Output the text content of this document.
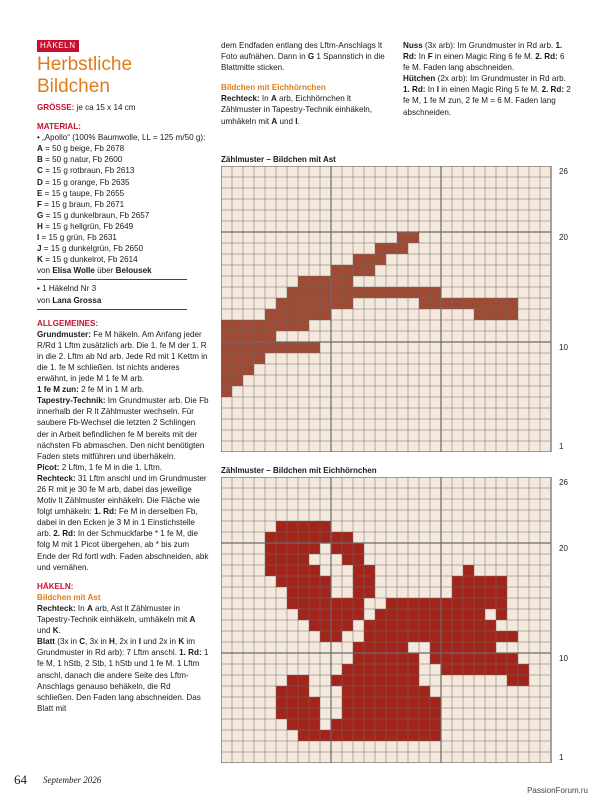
HÄKELN
Herbstliche Bildchen

GRÖSSE: je ca 15 x 14 cm

MATERIAL:

• „Apollo“ (100% Baumwolle, LL = 125 m/50 g):

A = 50 g beige, Fb 2678

B = 50 g natur, Fb 2600

C = 15 g rotbraun, Fb 2613

D = 15 g orange, Fb 2635

E = 15 g taupe, Fb 2655

F = 15 g braun, Fb 2671

G = 15 g dunkelbraun, Fb 2657

H = 15 g hellgrün, Fb 2649

I = 15 g grün, Fb 2631

J = 15 g dunkelgrün, Fb 2650

K = 15 g dunkelrot, Fb 2614

von Elisa Wolle über Belousek

• 1 Häkelnd Nr 3

von Lana Grossa

ALLGEMEINES:

Grundmuster: Fe M häkeln. Am Anfang jeder R/Rd 1 Lftm zusätzlich arb. Die 1. fe M der 1. R in die 2. Lftm ab Nd arb. Jede Rd mit 1 Kettm in die 1. fe M schließen. Ist nichts anderes erwähnt, in jede M 1 fe M arb.

1 fe M zun: 2 fe M in 1 M arb.

Tapestry-Technik: Im Grundmuster arb. Die Fb innerhalb der R lt Zählmuster wechseln. Für saubere Fb-Wechsel die letzten 2 Schlingen der in Arbeit befindlichen fe M bereits mit der nächsten Fb abmaschen. Den nicht benötigten Faden stets mitführen und überhäkeln.

Picot: 2 Lftm, 1 fe M in die 1. Lftm.

Rechteck: 31 Lftm anschl und im Grundmuster 26 R mit je 30 fe M arb, dabei das jeweilige Motiv lt Zählmuster einhäkeln. Die Fläche wie folgt umhäkeln: 1. Rd: Fe M in derselben Fb, dabei in den Ecken je 3 M in 1 Einstichstelle arb. 2. Rd: In der Schmuckfarbe * 1 fe M, die folg M mit 1 Picot übergehen, ab * bis zum Ende der Rd fortl wdh. Faden abschneiden, abk und vernähen.

HÄKELN:
Bildchen mit Ast

Rechteck: In A arb, Ast lt Zählmuster in Tapestry-Technik einhäkeln, umhäkeln mit A und K.

Blatt (3x in C, 3x in H, 2x in I und 2x in K im Grundmuster in Rd arb): 7 Lftm anschl. 1. Rd: 1 fe M, 1 hStb, 2 Stb, 1 hStb und 1 fe M. 1 Lftm anschl, danach die andere Seite des Lftm-Anschlags genauso behäkeln, die Rd schließen. Den Faden lang abschneiden. Das Blatt mit

dem Endfaden entlang des Lftm-Anschlags lt Foto aufnähen. Dann in G 1 Spannstich in die Blattmitte sticken.

Bildchen mit Eichhörnchen

Rechteck: In A arb, Eichhörnchen lt Zählmuster in Tapestry-Technik einhäkeln, umhäkeln mit A und I.

Nuss (3x arb): Im Grundmuster in Rd arb. 1. Rd: In F in einen Magic Ring 6 fe M. 2. Rd: 6 fe M. Faden lang abschneiden.

Hütchen (2x arb): Im Grundmuster in Rd arb. 1. Rd: In I in einen Magic Ring 5 fe M. 2. Rd: 2 fe M, 1 fe M zun, 2 fe M = 6 M. Faden lang abschneiden.

Zählmuster – Bildchen mit Ast
26
20
10
1
Zählmuster – Bildchen mit Eichhörnchen
26
20
10
1
64 September 2026
PassionForum.ru
